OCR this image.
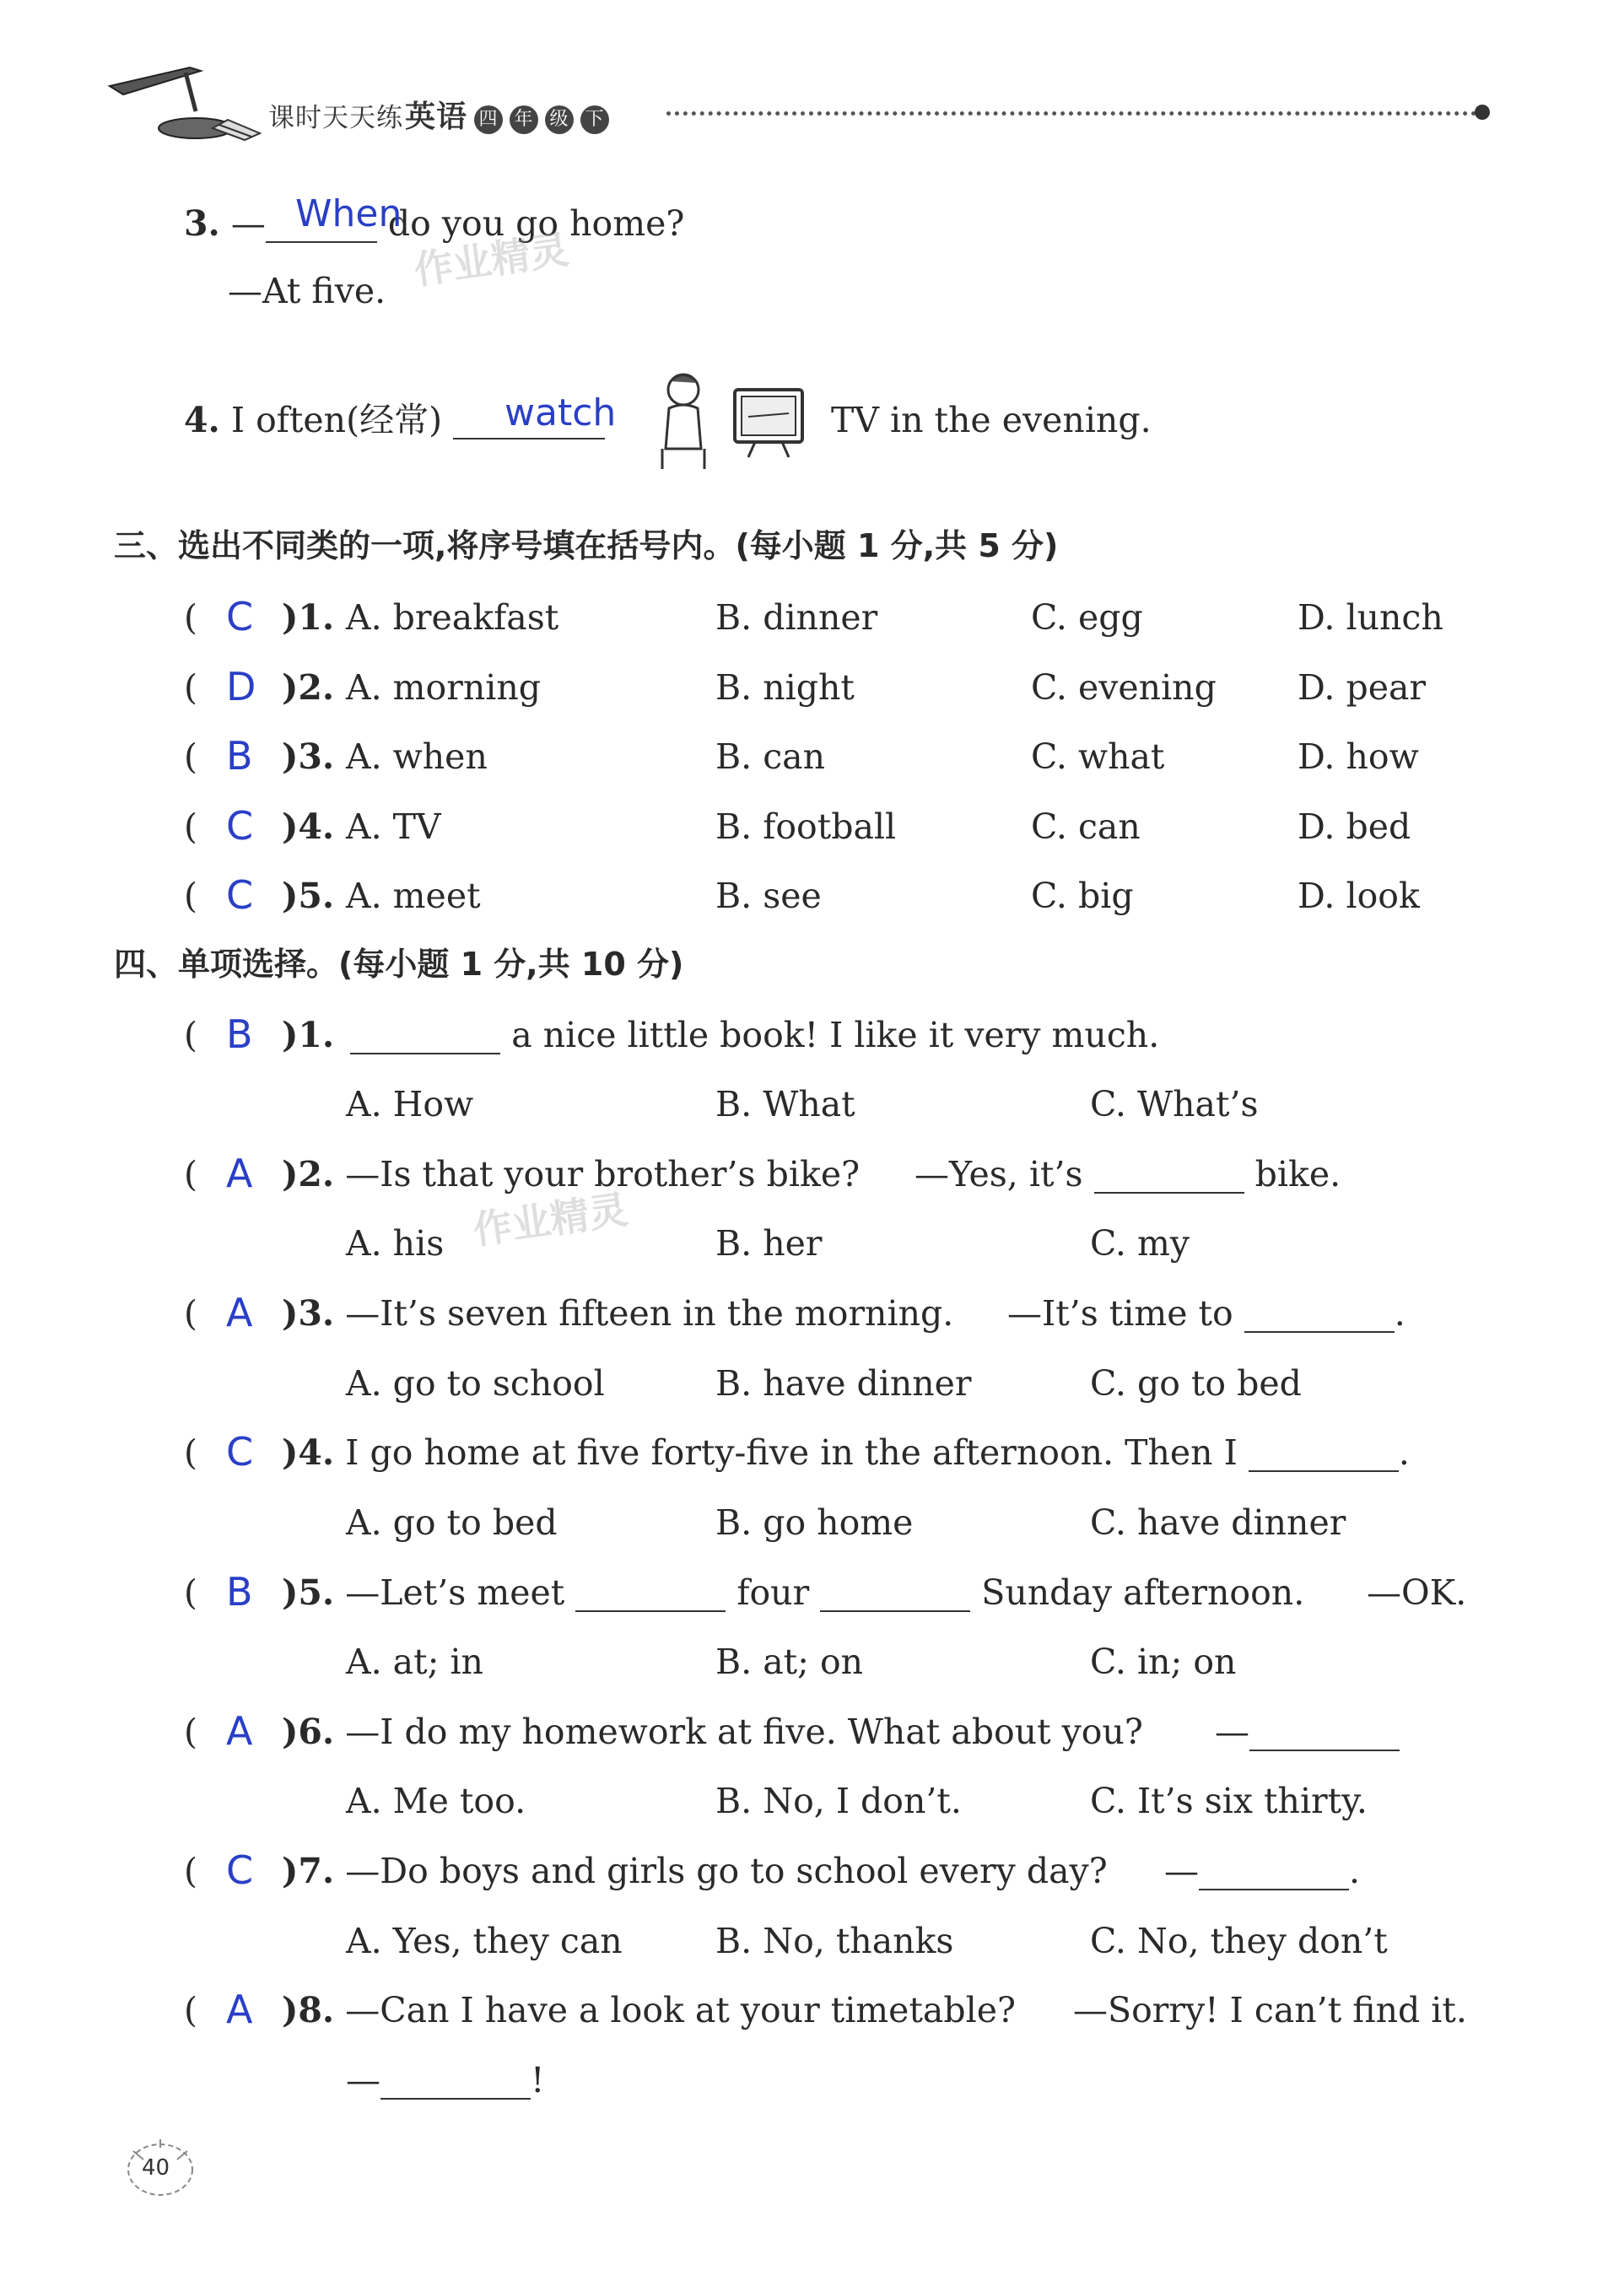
课时天天练英语 四 年 级 下
3. —	do you go home?
When
—At five. 作业精灵
4. I often(经常)	watch	TV in the evening.
三、选出不同类的一项,将序号填在括号内。(每小题 1 分,共 5 分)
( C )1. A. breakfast	B. dinner	C. egg	D. lunch
( D )2. A. morning	B. night	C. evening D. pear
( B )3. A. when	B. can	C. what	D. how
( C )4. A. TV	B. football	C. can	D. bed
( C )5. A. meet	B. see	C. big	D. look
四、单项选择。(每小题 1 分,共 10 分)
( B )1.	a nice little book! I like it very much.
A. How	B. What	C. What’s
( A )2. —Is that your brother’s bike? —Yes, it’s	bike.
A. his	B. her	C. my
作业精灵
( A )3. —It’s seven fifteen in the morning. —It’s time to	.
A. go to school	B. have dinner	C. go to bed
( C )4. I go home at five forty-five in the afternoon. Then I	.
A. go to bed	B. go home	C. have dinner
( B )5. —Let’s meet	four	Sunday afternoon. —OK.
A. at; in	B. at; on	C. in; on
( A )6. —I do my homework at five. What about you? —
A. Me too.	B. No, I don’t.	C. It’s six thirty.
( C )7. —Do boys and girls go to school every day? —	.
A. Yes, they can	B. No, thanks	C. No, they don’t
( A )8. —Can I have a look at your timetable? —Sorry! I can’t find it.
—	!
40
